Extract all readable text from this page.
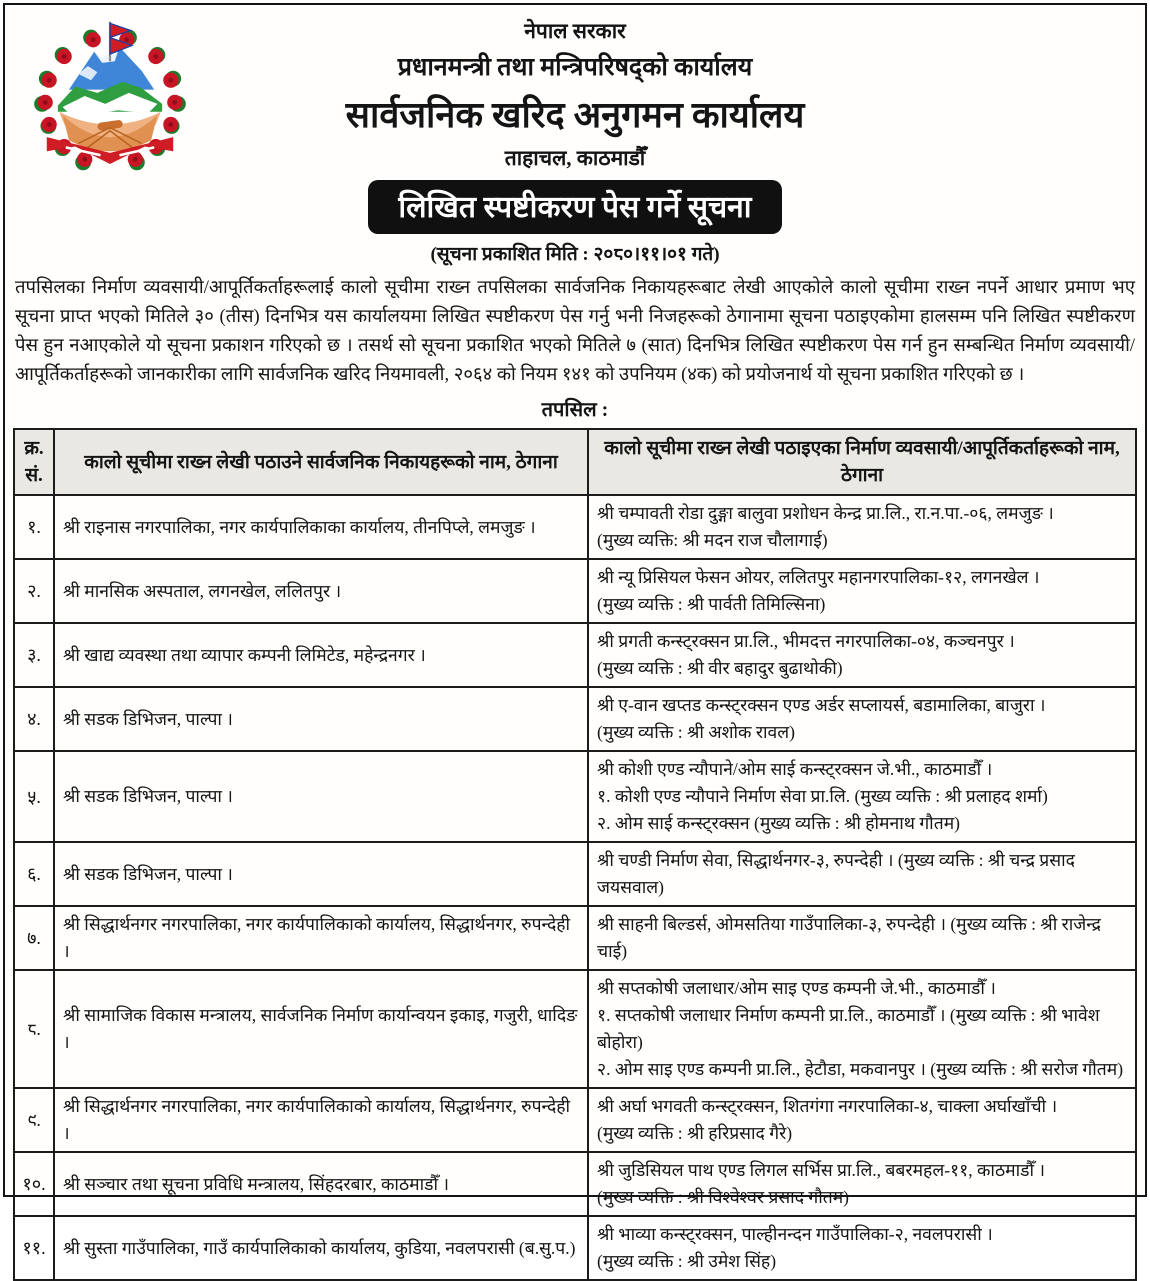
नेपाल सरकार
प्रधानमन्त्री तथा मन्त्रिपरिषद्को कार्यालय
सार्वजनिक खरिद अनुगमन कार्यालय
ताहाचल, काठमाडौँ
लिखित स्पष्टीकरण पेस गर्ने सूचना
(सूचना प्रकाशित मिति : २०८०।११।०१ गते)

तपसिलका निर्माण व्यवसायी/आपूर्तिकर्ताहरूलाई कालो सूचीमा राख्न तपसिलका सार्वजनिक निकायहरूबाट लेखी आएकोले कालो सूचीमा राख्न नपर्ने आधार प्रमाण भए सूचना प्राप्त भएको मितिले ३० (तीस) दिनभित्र यस कार्यालयमा लिखित स्पष्टीकरण पेस गर्नु भनी निजहरूको ठेगानामा सूचना पठाइएकोमा हालसम्म पनि लिखित स्पष्टीकरण पेस हुन नआएकोले यो सूचना प्रकाशन गरिएको छ । तसर्थ सो सूचना प्रकाशित भएको मितिले ७ (सात) दिनभित्र लिखित स्पष्टीकरण पेस गर्न हुन सम्बन्धित निर्माण व्यवसायी/आपूर्तिकर्ताहरूको जानकारीका लागि सार्वजनिक खरिद नियमावली, २०६४ को नियम १४१ को उपनियम (४क) को प्रयोजनार्थ यो सूचना प्रकाशित गरिएको छ ।

तपसिल :
क्र. सं.	कालो सूचीमा राख्न लेखी पठाउने सार्वजनिक निकायहरूको नाम, ठेगाना	कालो सूचीमा राख्न लेखी पठाइएका निर्माण व्यवसायी/आपूर्तिकर्ताहरूको नाम, ठेगाना
१.	श्री राइनास नगरपालिका, नगर कार्यपालिकाका कार्यालय, तीनपिप्ले, लमजुङ ।	श्री चम्पावती रोडा दुङ्गा बालुवा प्रशोधन केन्द्र प्रा.लि., रा.न.पा.-०६, लमजुङ ।
(मुख्य व्यक्ति: श्री मदन राज चौलागाई)

२.	श्री मानसिक अस्पताल, लगनखेल, ललितपुर ।	श्री न्यू प्रिसियल फेसन ओयर, ललितपुर महानगरपालिका-१२, लगनखेल ।
(मुख्य व्यक्ति : श्री पार्वती तिमिल्सिना)

३.	श्री खाद्य व्यवस्था तथा व्यापार कम्पनी लिमिटेड, महेन्द्रनगर ।	श्री प्रगती कन्स्ट्रक्सन प्रा.लि., भीमदत्त नगरपालिका-०४, कञ्चनपुर ।
(मुख्य व्यक्ति : श्री वीर बहादुर बुढाथोकी)

४.	श्री सडक डिभिजन, पाल्पा ।	श्री ए-वान खप्तड कन्स्ट्रक्सन एण्ड अर्डर सप्लायर्स, बडामालिका, बाजुरा ।
(मुख्य व्यक्ति : श्री अशोक रावल)

५.	श्री सडक डिभिजन, पाल्पा ।	श्री कोशी एण्ड न्यौपाने/ओम साई कन्स्ट्रक्सन जे.भी., काठमाडौँ ।
१. कोशी एण्ड न्यौपाने निर्माण सेवा प्रा.लि. (मुख्य व्यक्ति : श्री प्रलाहद शर्मा)
२. ओम साई कन्स्ट्रक्सन (मुख्य व्यक्ति : श्री होमनाथ गौतम)

६.	श्री सडक डिभिजन, पाल्पा ।	श्री चण्डी निर्माण सेवा, सिद्धार्थनगर-३, रुपन्देही । (मुख्य व्यक्ति : श्री चन्द्र प्रसाद जयसवाल)

७.	श्री सिद्धार्थनगर नगरपालिका, नगर कार्यपालिकाको कार्यालय, सिद्धार्थनगर, रुपन्देही ।	श्री साहनी बिल्डर्स, ओमसतिया गाउँपालिका-३, रुपन्देही । (मुख्य व्यक्ति : श्री राजेन्द्र चाई)

८.	श्री सामाजिक विकास मन्त्रालय, सार्वजनिक निर्माण कार्यान्वयन इकाइ, गजुरी, धादिङ ।	श्री सप्तकोषी जलाधार/ओम साइ एण्ड कम्पनी जे.भी., काठमाडौँ ।
१. सप्तकोषी जलाधार निर्माण कम्पनी प्रा.लि., काठमाडौँ । (मुख्य व्यक्ति : श्री भावेश बोहोरा)
२. ओम साइ एण्ड कम्पनी प्रा.लि., हेटौडा, मकवानपुर । (मुख्य व्यक्ति : श्री सरोज गौतम)

९.	श्री सिद्धार्थनगर नगरपालिका, नगर कार्यपालिकाको कार्यालय, सिद्धार्थनगर, रुपन्देही ।	श्री अर्घा भगवती कन्स्ट्रक्सन, शितगंगा नगरपालिका-४, चाक्ला अर्घाखाँची ।
(मुख्य व्यक्ति : श्री हरिप्रसाद गैरे)

१०.	श्री सञ्चार तथा सूचना प्रविधि मन्त्रालय, सिंहदरबार, काठमाडौँ ।	श्री जुडिसियल पाथ एण्ड लिगल सर्भिस प्रा.लि., बबरमहल-११, काठमाडौँ ।
(मुख्य व्यक्ति : श्री विश्वेश्वर प्रसाद गौतम)

११.	श्री सुस्ता गाउँपालिका, गाउँ कार्यपालिकाको कार्यालय, कुडिया, नवलपरासी (ब.सु.प.)	श्री भाव्या कन्स्ट्रक्सन, पाल्हीनन्दन गाउँपालिका-२, नवलपरासी ।
(मुख्य व्यक्ति : श्री उमेश सिंह)
